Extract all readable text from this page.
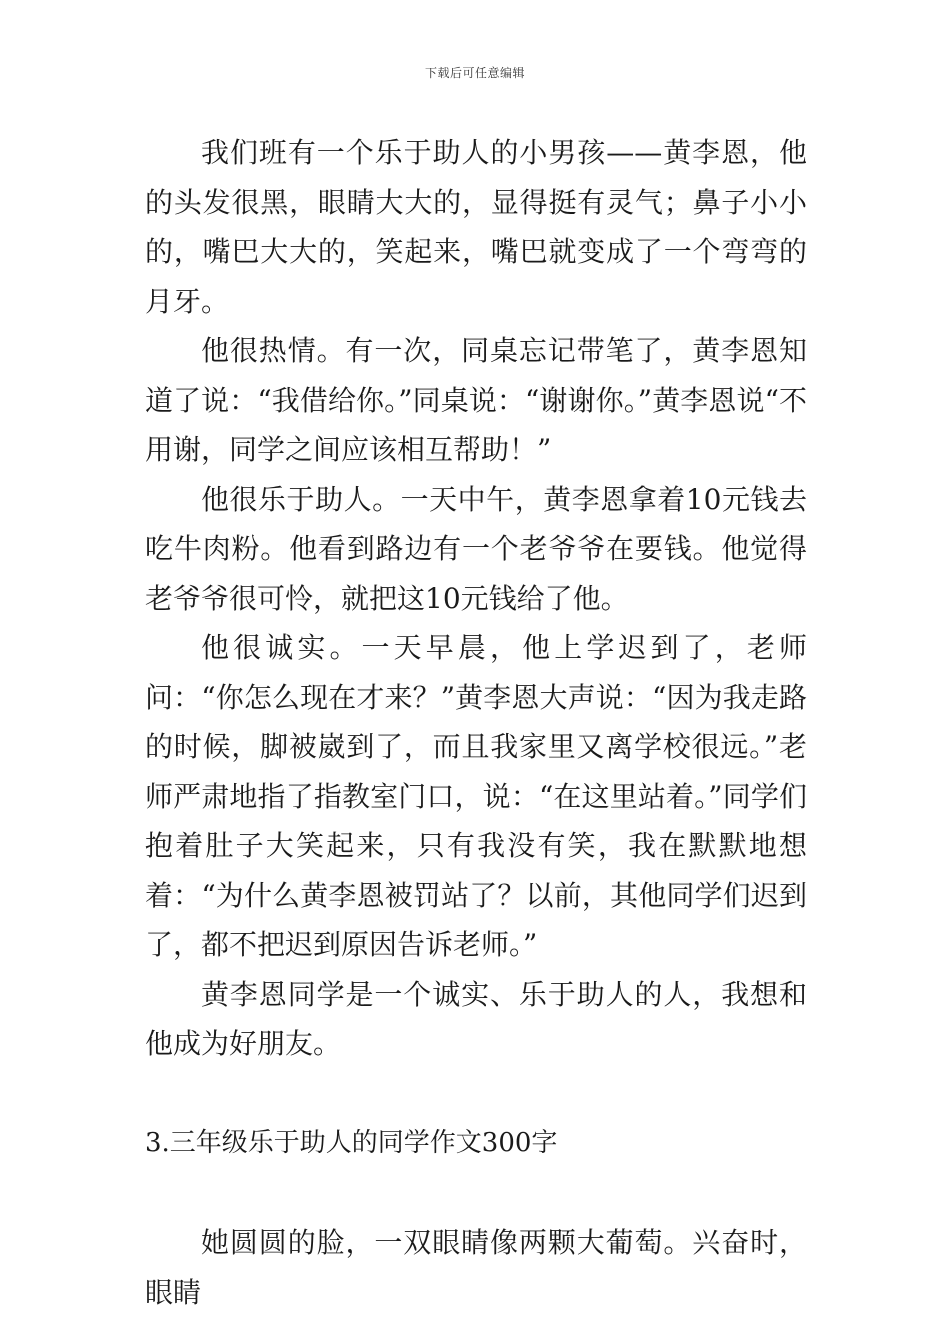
下载后可任意编辑

我们班有一个乐于助人的小男孩——黄李恩，他的头发很黑，眼睛大大的，显得挺有灵气；鼻子小小的，嘴巴大大的，笑起来，嘴巴就变成了一个弯弯的月牙。

他很热情。有一次，同桌忘记带笔了，黄李恩知道了说：“我借给你。”同桌说：“谢谢你。”黄李恩说“不用谢，同学之间应该相互帮助！”

他很乐于助人。一天中午，黄李恩拿着10元钱去吃牛肉粉。他看到路边有一个老爷爷在要钱。他觉得老爷爷很可怜，就把这10元钱给了他。

他很诚实。一天早晨，他上学迟到了，老师问：“你怎么现在才来？”黄李恩大声说：“因为我走路的时候，脚被崴到了，而且我家里又离学校很远。”老师严肃地指了指教室门口，说：“在这里站着。”同学们抱着肚子大笑起来，只有我没有笑，我在默默地想着：“为什么黄李恩被罚站了？以前，其他同学们迟到了，都不把迟到原因告诉老师。”

黄李恩同学是一个诚实、乐于助人的人，我想和他成为好朋友。

3.三年级乐于助人的同学作文300字

她圆圆的脸，一双眼睛像两颗大葡萄。兴奋时，眼睛
